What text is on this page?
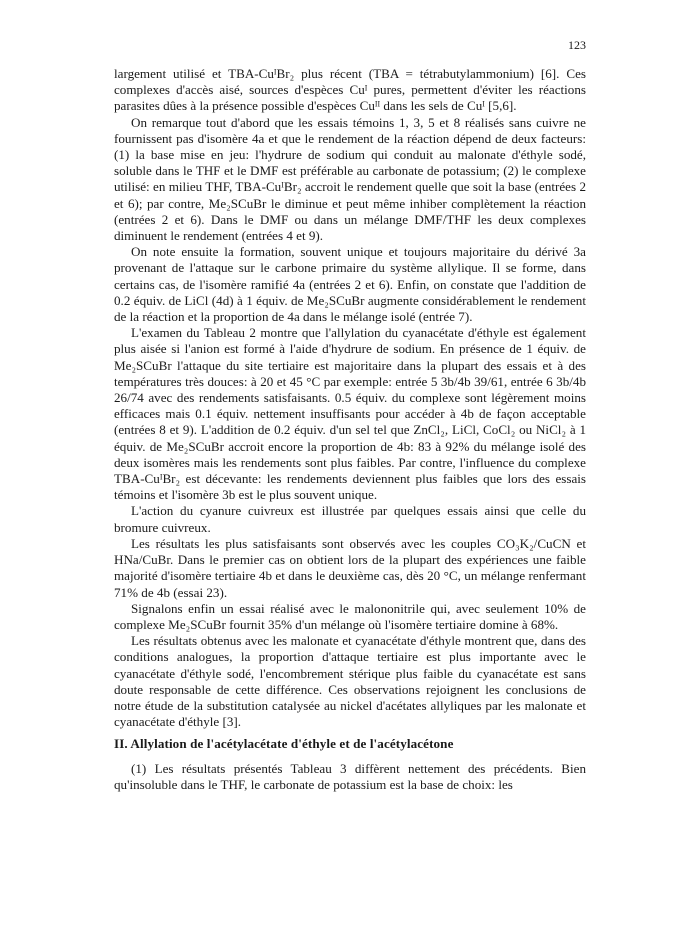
123

largement utilisé et TBA-CuᴵBr₂ plus récent (TBA = tétrabutylammonium) [6]. Ces complexes d'accès aisé, sources d'espèces Cuᴵ pures, permettent d'éviter les réactions parasites dûes à la présence possible d'espèces Cuᴵᴵ dans les sels de Cuᴵ [5,6].

On remarque tout d'abord que les essais témoins 1, 3, 5 et 8 réalisés sans cuivre ne fournissent pas d'isomère 4a et que le rendement de la réaction dépend de deux facteurs: (1) la base mise en jeu: l'hydrure de sodium qui conduit au malonate d'éthyle sodé, soluble dans le THF et le DMF est préférable au carbonate de potassium; (2) le complexe utilisé: en milieu THF, TBA-CuᴵBr₂ accroit le rendement quelle que soit la base (entrées 2 et 6); par contre, Me₂SCuBr le diminue et peut même inhiber complètement la réaction (entrées 2 et 6). Dans le DMF ou dans un mélange DMF/THF les deux complexes diminuent le rendement (entrées 4 et 9).

On note ensuite la formation, souvent unique et toujours majoritaire du dérivé 3a provenant de l'attaque sur le carbone primaire du système allylique. Il se forme, dans certains cas, de l'isomère ramifié 4a (entrées 2 et 6). Enfin, on constate que l'addition de 0.2 équiv. de LiCl (4d) à 1 équiv. de Me₂SCuBr augmente considérablement le rendement de la réaction et la proportion de 4a dans le mélange isolé (entrée 7).

L'examen du Tableau 2 montre que l'allylation du cyanacétate d'éthyle est également plus aisée si l'anion est formé à l'aide d'hydrure de sodium. En présence de 1 équiv. de Me₂SCuBr l'attaque du site tertiaire est majoritaire dans la plupart des essais et à des températures très douces: à 20 et 45 °C par exemple: entrée 5 3b/4b 39/61, entrée 6 3b/4b 26/74 avec des rendements satisfaisants. 0.5 équiv. du complexe sont légèrement moins efficaces mais 0.1 équiv. nettement insuffisants pour accéder à 4b de façon acceptable (entrées 8 et 9). L'addition de 0.2 équiv. d'un sel tel que ZnCl₂, LiCl, CoCl₂ ou NiCl₂ à 1 équiv. de Me₂SCuBr accroit encore la proportion de 4b: 83 à 92% du mélange isolé des deux isomères mais les rendements sont plus faibles. Par contre, l'influence du complexe TBA-CuᴵBr₂ est décevante: les rendements deviennent plus faibles que lors des essais témoins et l'isomère 3b est le plus souvent unique.

L'action du cyanure cuivreux est illustrée par quelques essais ainsi que celle du bromure cuivreux.

Les résultats les plus satisfaisants sont observés avec les couples CO₃K₂/CuCN et HNa/CuBr. Dans le premier cas on obtient lors de la plupart des expériences une faible majorité d'isomère tertiaire 4b et dans le deuxième cas, dès 20 °C, un mélange renfermant 71% de 4b (essai 23).

Signalons enfin un essai réalisé avec le malononitrile qui, avec seulement 10% de complexe Me₂SCuBr fournit 35% d'un mélange où l'isomère tertiaire domine à 68%.

Les résultats obtenus avec les malonate et cyanacétate d'éthyle montrent que, dans des conditions analogues, la proportion d'attaque tertiaire est plus importante avec le cyanacétate d'éthyle sodé, l'encombrement stérique plus faible du cyanacétate est sans doute responsable de cette différence. Ces observations rejoignent les conclusions de notre étude de la substitution catalysée au nickel d'acétates allyliques par les malonate et cyanacétate d'éthyle [3].

II. Allylation de l'acétylacétate d'éthyle et de l'acétylacétone

(1) Les résultats présentés Tableau 3 diffèrent nettement des précédents. Bien qu'insoluble dans le THF, le carbonate de potassium est la base de choix: les
